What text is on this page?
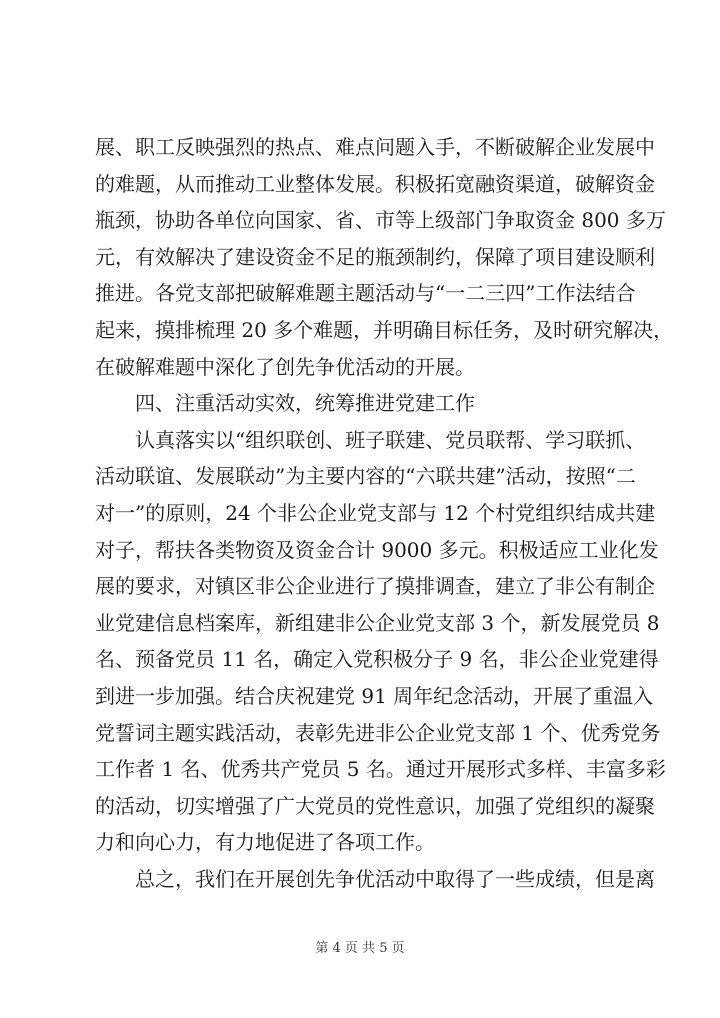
展、职工反映强烈的热点、难点问题入手，不断破解企业发展中
的难题，从而推动工业整体发展。积极拓宽融资渠道，破解资金
瓶颈，协助各单位向国家、省、市等上级部门争取资金 800 多万
元，有效解决了建设资金不足的瓶颈制约，保障了项目建设顺利
推进。各党支部把破解难题主题活动与“一二三四”工作法结合
起来，摸排梳理 20 多个难题，并明确目标任务，及时研究解决，
在破解难题中深化了创先争优活动的开展。
四、注重活动实效，统筹推进党建工作
认真落实以“组织联创、班子联建、党员联帮、学习联抓、
活动联谊、发展联动”为主要内容的“六联共建”活动，按照“二
对一”的原则，24 个非公企业党支部与 12 个村党组织结成共建
对子，帮扶各类物资及资金合计 9000 多元。积极适应工业化发
展的要求，对镇区非公企业进行了摸排调查，建立了非公有制企
业党建信息档案库，新组建非公企业党支部 3 个，新发展党员 8
名、预备党员 11 名，确定入党积极分子 9 名，非公企业党建得
到进一步加强。结合庆祝建党 91 周年纪念活动，开展了重温入
党誓词主题实践活动，表彰先进非公企业党支部 1 个、优秀党务
工作者 1 名、优秀共产党员 5 名。通过开展形式多样、丰富多彩
的活动，切实增强了广大党员的党性意识，加强了党组织的凝聚
力和向心力，有力地促进了各项工作。
总之，我们在开展创先争优活动中取得了一些成绩，但是离
第 4 页 共 5 页
